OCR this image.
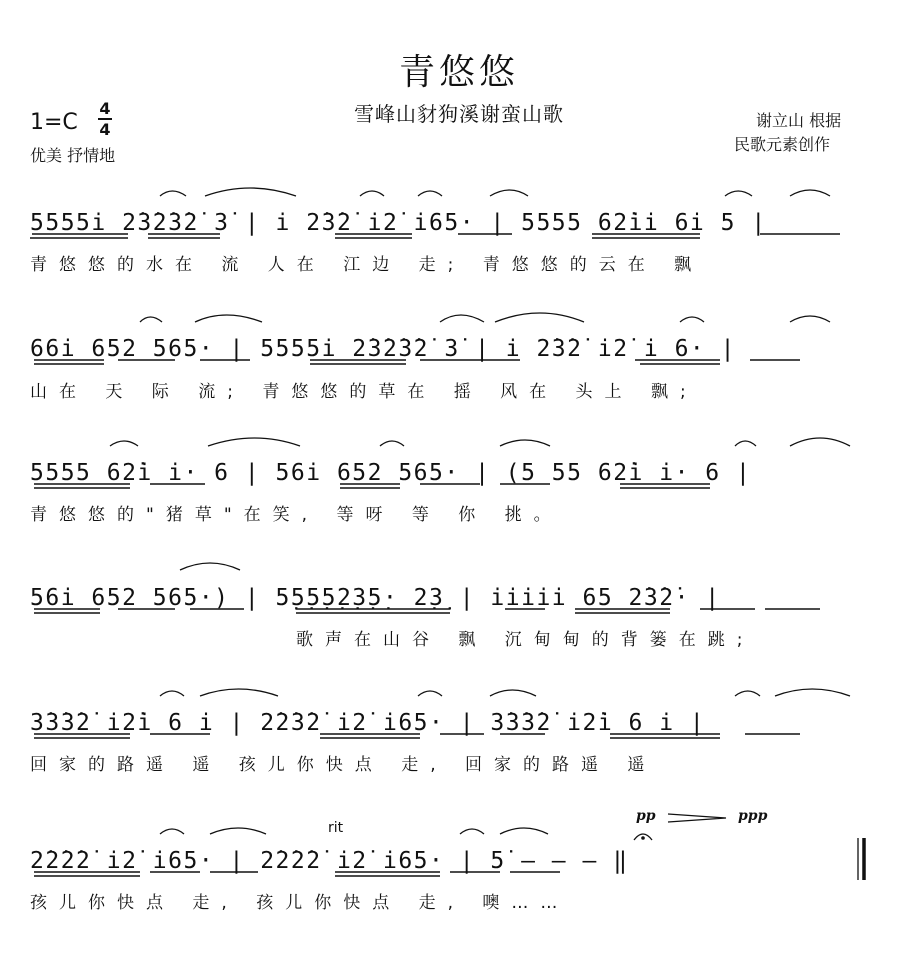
青悠悠
雪峰山豺狗溪谢蛮山歌
1=C
4
4
优美 抒情地
谢立山 根据
民歌元素创作
5555i 2̇3̇2̇3̇2̇ 3̇ | i 2̇3̇2̇ i2̇ i65· | 5555 62̇ii 6i 5 |
青悠悠的水在 流 人在 江边 走; 青悠悠的云在 飘
66i 652 565· | 5555i 2̇3̇2̇3̇2̇ 3̇ | i 2̇3̇2̇ i2̇ i 6· |
山在 天 际 流; 青悠悠的草在 摇 风在 头上 飘;
5555 62̇i i· 6 | 56i 652 565· | (5 55 62̇i i· 6 |
青悠悠的"猪草"在笑, 等呀 等 你 挑。
56i 652 565·) | 5̣5̣5̣5̣2̣3̣5̣· 2̣3̣ | iiiii 65 2̇3̇2̇· |
歌声在山谷 飘 沉甸甸的背篓在跳;
3̇3̇3̇2̇ i2̇i 6 i | 2̇2̇3̇2̇ i2̇ i65· | 3̇3̇3̇2̇ i2̇i 6 i |
回家的路遥 遥 孩儿你快点 走, 回家的路遥 遥
rit
pp	ppp
2̇2̇2̇2̇ i2̇ i65· | 2̇2̇2̇2̇ i2̇ i65· | 5̇ – – – ‖
孩儿你快点 走, 孩儿你快点 走, 噢……
